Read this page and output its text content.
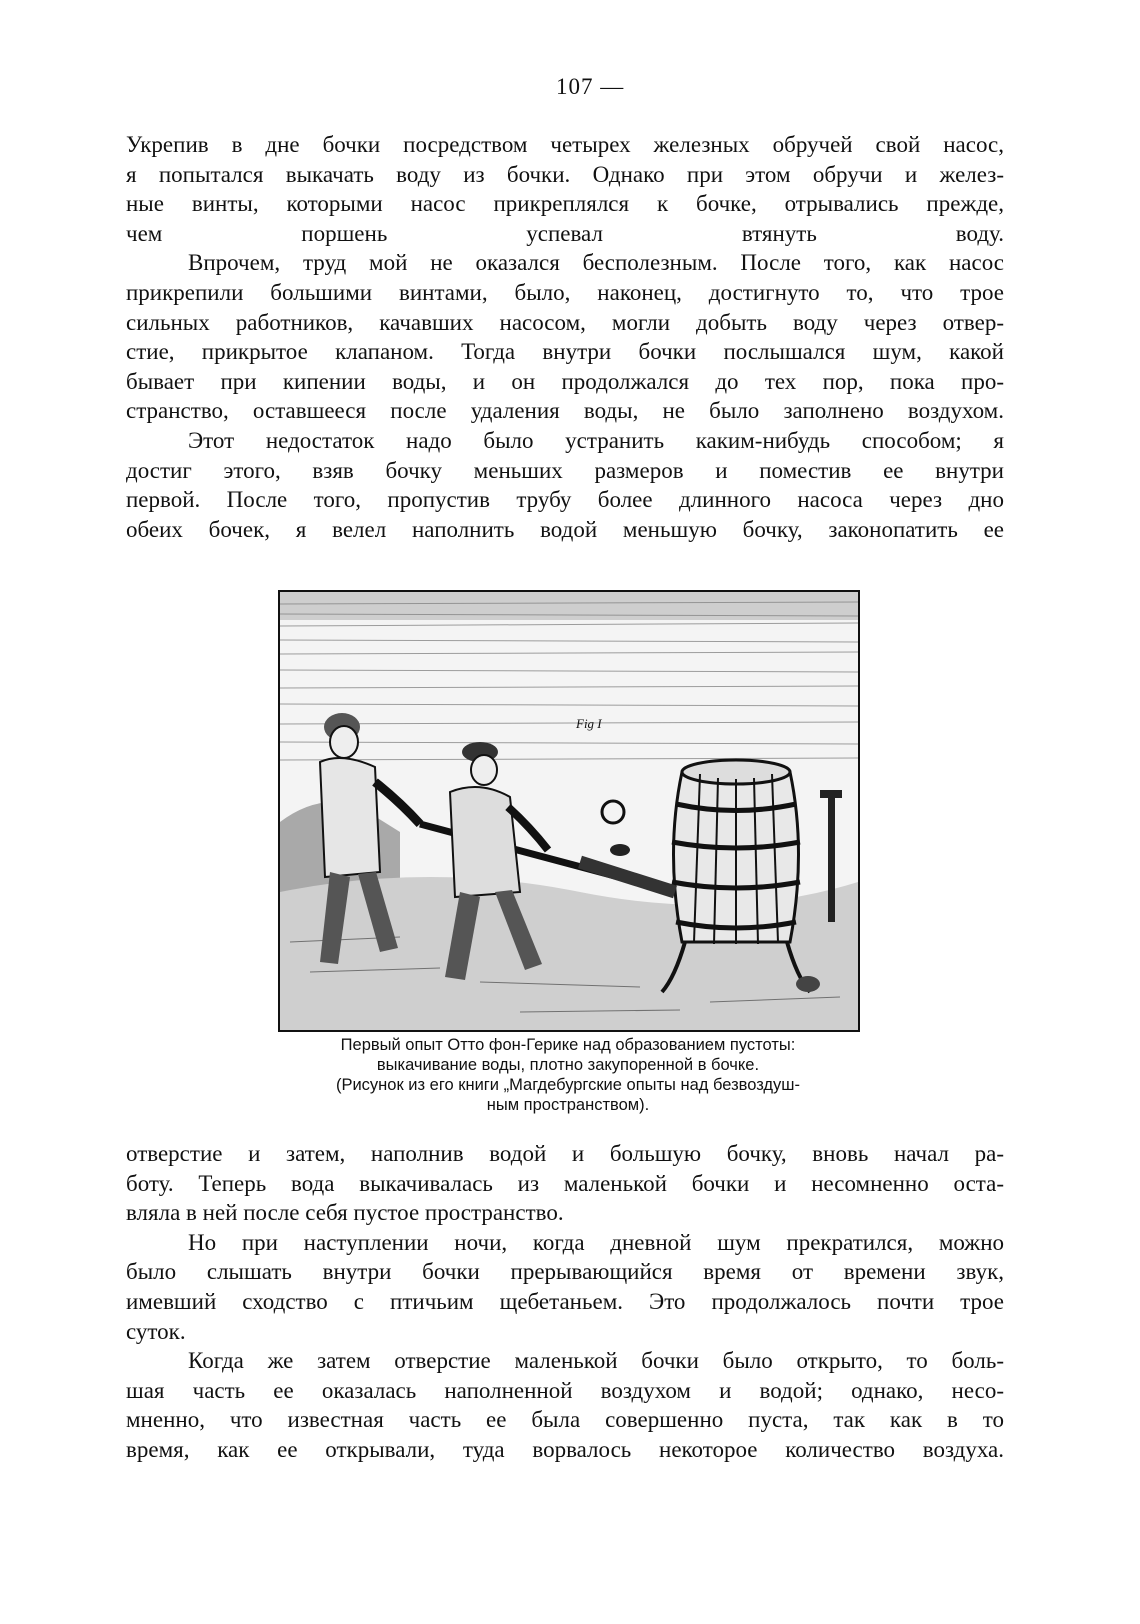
107 —

Укрепив в дне бочки посредством четырех железных обручей свой насос,
я попытался выкачать воду из бочки. Однако при этом обручи и желез-
ные винты, которыми насос прикреплялся к бочке, отрывались прежде,
чем поршень успевал втянуть воду.

Впрочем, труд мой не оказался бесполезным. После того, как насос
прикрепили большими винтами, было, наконец, достигнуто то, что трое
сильных работников, качавших насосом, могли добыть воду через отвер-
стие, прикрытое клапаном. Тогда внутри бочки послышался шум, какой
бывает при кипении воды, и он продолжался до тех пор, пока про-
странство, оставшееся после удаления воды, не было заполнено воздухом.

Этот недостаток надо было устранить каким-нибудь способом; я
достиг этого, взяв бочку меньших размеров и поместив ее внутри
первой. После того, пропустив трубу более длинного насоса через дно
обеих бочек, я велел наполнить водой меньшую бочку, законопатить ее

Fig I
Первый опыт Отто фон-Герике над образованием пустоты:
выкачивание воды, плотно закупоренной в бочке.
(Рисунок из его книги „Магдебургские опыты над безвоздуш-
ным пространством).

отверстие и затем, наполнив водой и большую бочку, вновь начал ра-
боту. Теперь вода выкачивалась из маленькой бочки и несомненно оста-
вляла в ней после себя пустое пространство.

Но при наступлении ночи, когда дневной шум прекратился, можно
было слышать внутри бочки прерывающийся время от времени звук,
имевший сходство с птичьим щебетаньем. Это продолжалось почти трое
суток.

Когда же затем отверстие маленькой бочки было открыто, то боль-
шая часть ее оказалась наполненной воздухом и водой; однако, несо-
мненно, что известная часть ее была совершенно пуста, так как в то
время, как ее открывали, туда ворвалось некоторое количество воздуха.
